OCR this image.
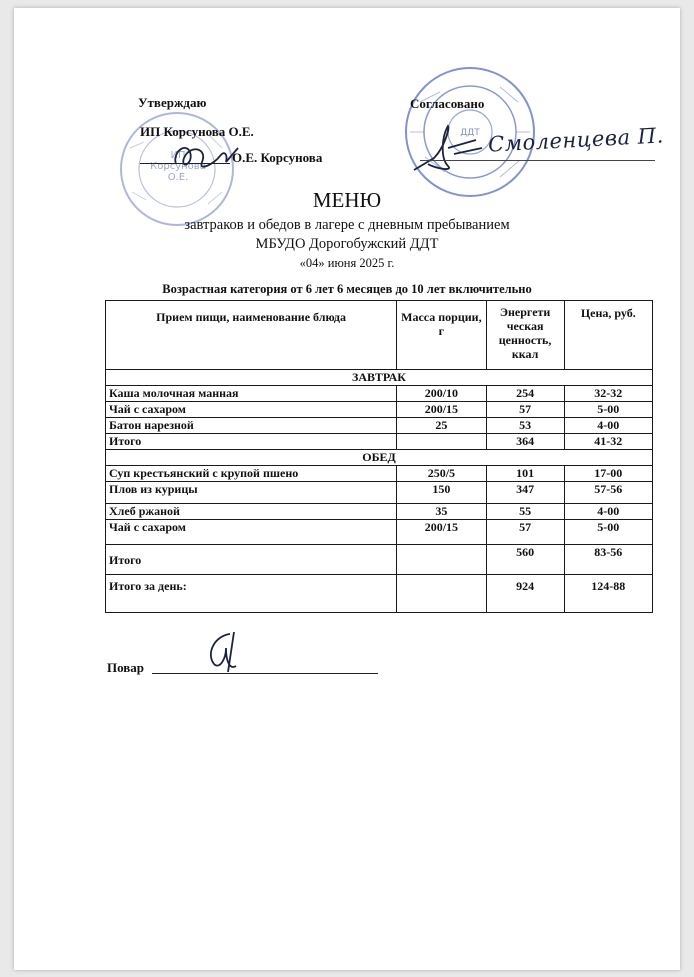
ДДТ
ИП
Корсунова
О.Е.
Утверждаю	Согласовано
ИП Корсунова О.Е.
О.Е. Корсунова
Смоленцева П.
МЕНЮ
завтраков и обедов в лагере с дневным пребыванием
МБУДО Дорогобужский ДДТ
«04» июня 2025 г.
Возрастная категория от 6 лет 6 месяцев до 10 лет включительно
Прием пищи, наименование блюда	Масса порции, г	Энергети ческая ценность, ккал	Цена, руб.
ЗАВТРАК			
Каша молочная манная	200/10	254	32-32
Чай с сахаром	200/15	57	5-00
Батон нарезной	25	53	4-00
Итого		364	41-32
ОБЕД			
Суп крестьянский с крупой пшено	250/5	101	17-00
Плов из курицы	150	347	57-56
Хлеб ржаной	35	55	4-00
Чай с сахаром	200/15	57	5-00
Итого		560	83-56
Итого за день:		924	124-88
Повар
